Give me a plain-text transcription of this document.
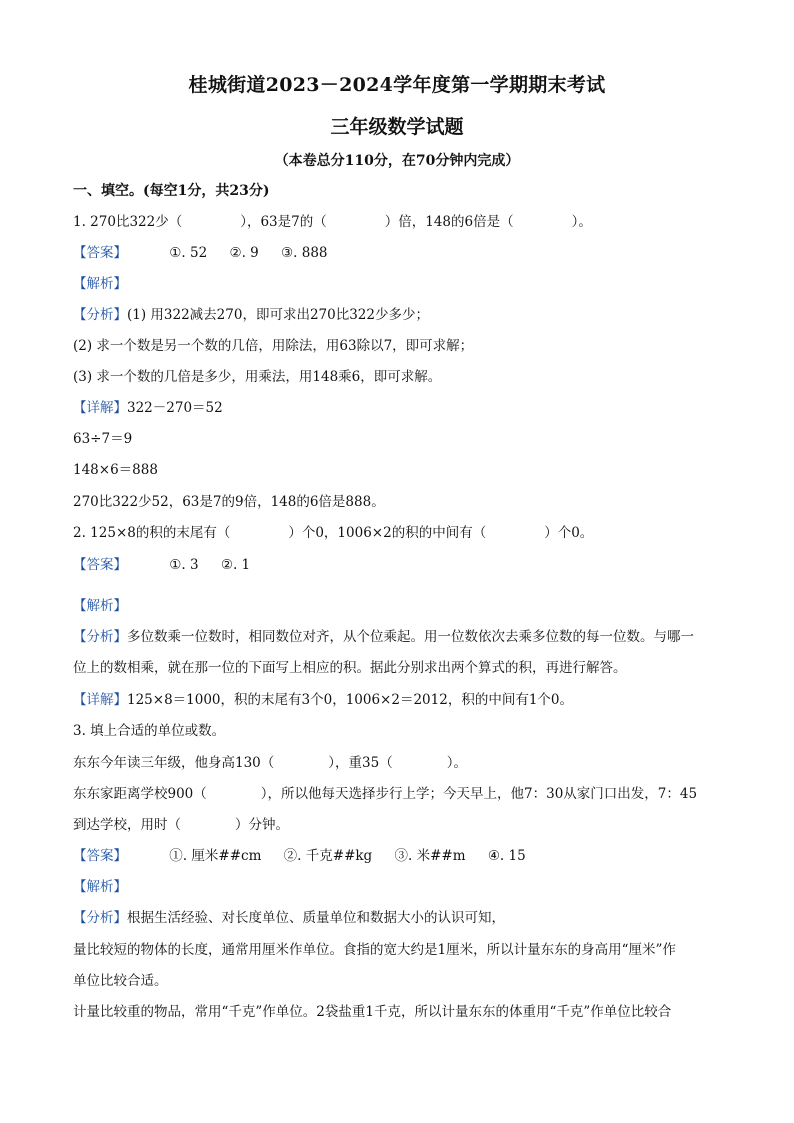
桂城街道2023－2024学年度第一学期期末考试
三年级数学试题
（本卷总分110分，在70分钟内完成）
一、填空。(每空1分，共23分)
1. 270比322少（	），63是7的（	）倍，148的6倍是（	）。
【答案】	①. 52 ②. 9 ③. 888
【解析】
【分析】(1) 用322减去270，即可求出270比322少多少；
(2) 求一个数是另一个数的几倍，用除法，用63除以7，即可求解；
(3) 求一个数的几倍是多少，用乘法，用148乘6，即可求解。
【详解】322－270＝52
63÷7＝9
148×6＝888
270比322少52，63是7的9倍，148的6倍是888。
2. 125×8的积的末尾有（	）个0，1006×2的积的中间有（	）个0。
【答案】	①. 3 ②. 1
【解析】
【分析】多位数乘一位数时，相同数位对齐，从个位乘起。用一位数依次去乘多位数的每一位数。与哪一
位上的数相乘，就在那一位的下面写上相应的积。据此分别求出两个算式的积，再进行解答。
【详解】125×8＝1000，积的末尾有3个0，1006×2＝2012，积的中间有1个0。
3. 填上合适的单位或数。
东东今年读三年级，他身高130（	），重35（	）。
东东家距离学校900（	），所以他每天选择步行上学；今天早上，他7：30从家门口出发，7：45
到达学校，用时（	）分钟。
【答案】	①. 厘米##cm ②. 千克##kg ③. 米##m ④. 15
【解析】
【分析】根据生活经验、对长度单位、质量单位和数据大小的认识可知，
量比较短的物体的长度，通常用厘米作单位。食指的宽大约是1厘米，所以计量东东的身高用“厘米”作
单位比较合适。
计量比较重的物品，常用“千克”作单位。2袋盐重1千克，所以计量东东的体重用“千克”作单位比较合
